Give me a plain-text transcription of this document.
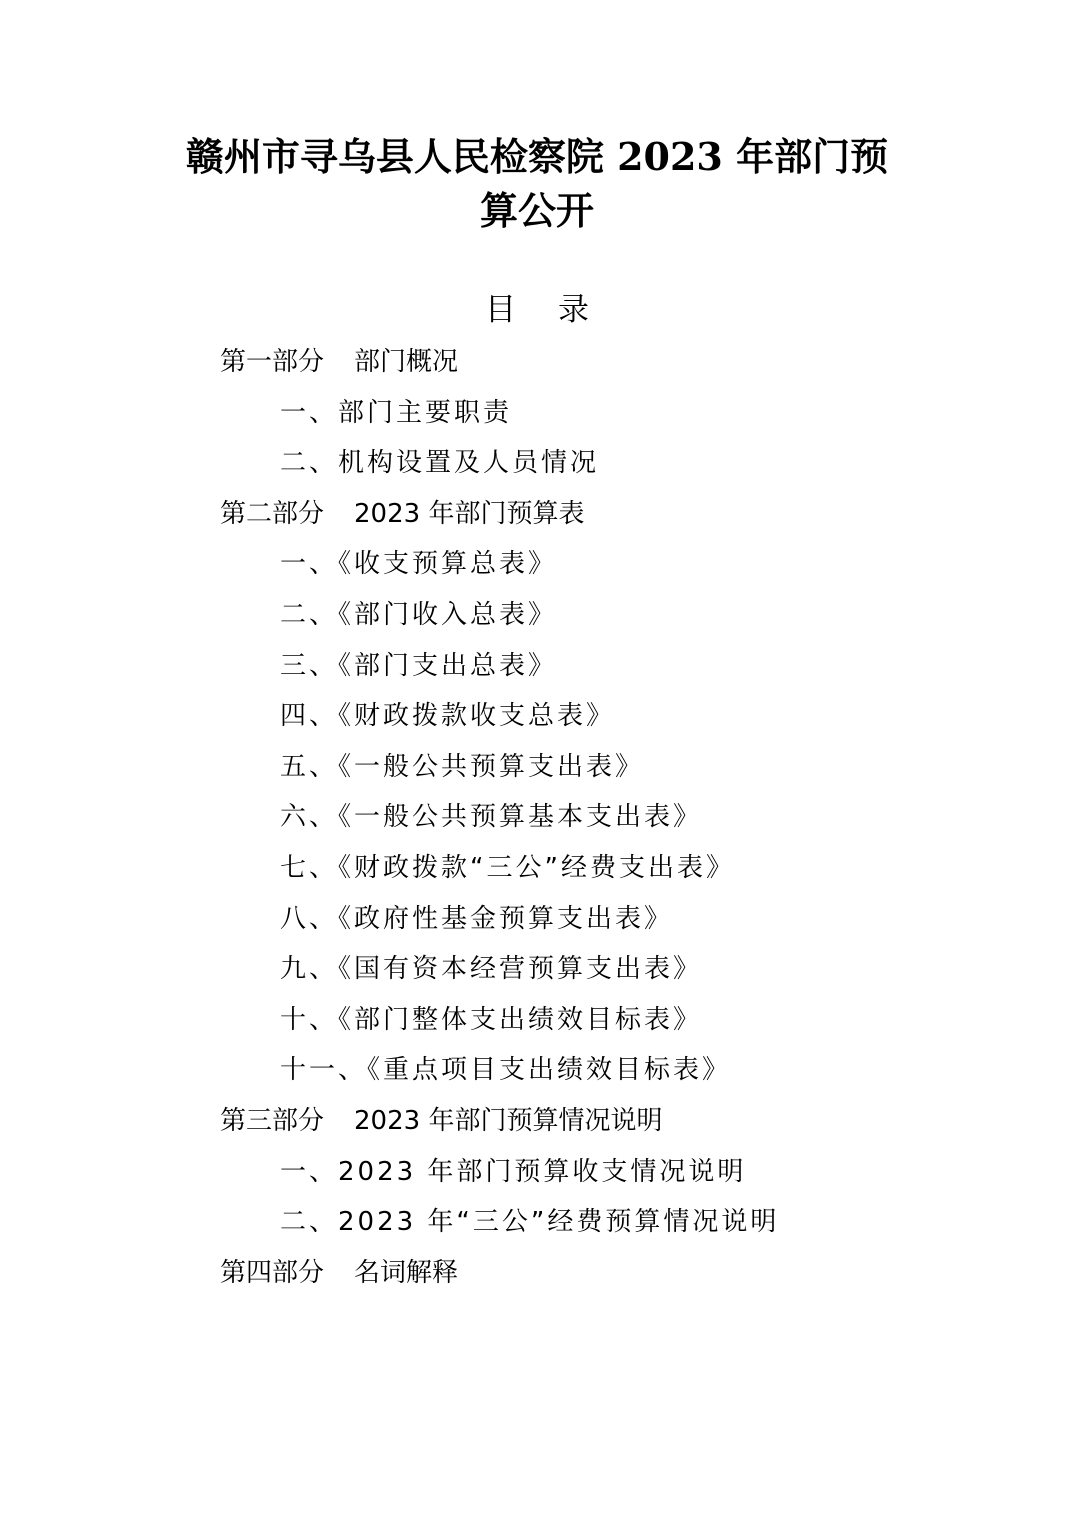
赣州市寻乌县人民检察院 2023 年部门预
算公开
目 录
第一部分 部门概况
一、部门主要职责
二、机构设置及人员情况
第二部分 2023 年部门预算表
一、《收支预算总表》
二、《部门收入总表》
三、《部门支出总表》
四、《财政拨款收支总表》
五、《一般公共预算支出表》
六、《一般公共预算基本支出表》
七、《财政拨款“三公”经费支出表》
八、《政府性基金预算支出表》
九、《国有资本经营预算支出表》
十、《部门整体支出绩效目标表》
十一、《重点项目支出绩效目标表》
第三部分 2023 年部门预算情况说明
一、2023 年部门预算收支情况说明
二、2023 年“三公”经费预算情况说明
第四部分 名词解释
